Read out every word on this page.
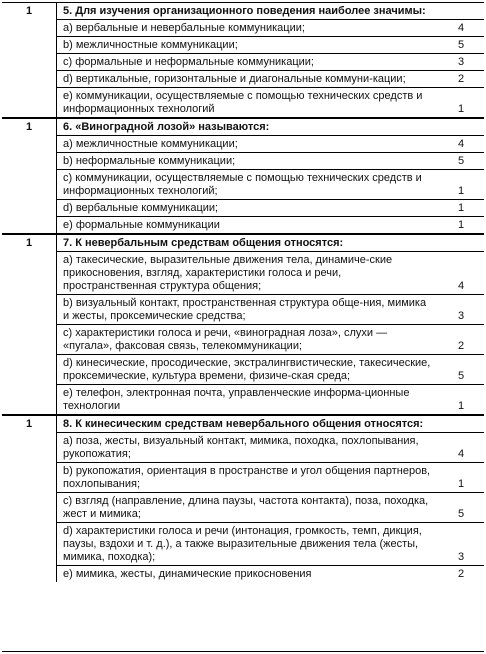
1	5. Для изучения организационного поведения наиболее значимы:
a) вербальные и невербальные коммуникации;	4
b) межличностные коммуникации;	5
c) формальные и неформальные коммуникации;	3
d) вертикальные, горизонтальные и диагональные коммуни-кации;	2
e) коммуникации, осуществляемые с помощью технических средств и информационных технологий	1
1	6. «Виноградной лозой» называются:
a) межличностные коммуникации;	4
b) неформальные коммуникации;	5
c) коммуникации, осуществляемые с помощью технических средств и информационных технологий;	1
d) вербальные коммуникации;	1
e) формальные коммуникации	1
1	7. К невербальным средствам общения относятся:
a) такесические, выразительные движения тела, динамиче-ские прикосновения, взгляд, характеристики голоса и речи, пространственная структура общения;	4
b) визуальный контакт, пространственная структура обще-ния, мимика и жесты, проксемические средства;	3
c) характеристики голоса и речи, «виноградная лоза», слухи — «пугала», факсовая связь, телекоммуникации;	2
d) кинесические, просодические, экстралингвистические, такесические, проксемические, культура времени, физиче-ская среда;	5
e) телефон, электронная почта, управленческие информа-ционные технологии	1
1	8. К кинесическим средствам невербального общения относятся:
a) поза, жесты, визуальный контакт, мимика, походка, похлопывания, рукопожатия;	4
b) рукопожатия, ориентация в пространстве и угол общения партнеров, похлопывания;	1
c) взгляд (направление, длина паузы, частота контакта), поза, походка, жест и мимика;	5
d) характеристики голоса и речи (интонация, громкость, темп, дикция, паузы, вздохи и т. д.), а также выразительные движения тела (жесты, мимика, походка);	3
e) мимика, жесты, динамические прикосновения	2
